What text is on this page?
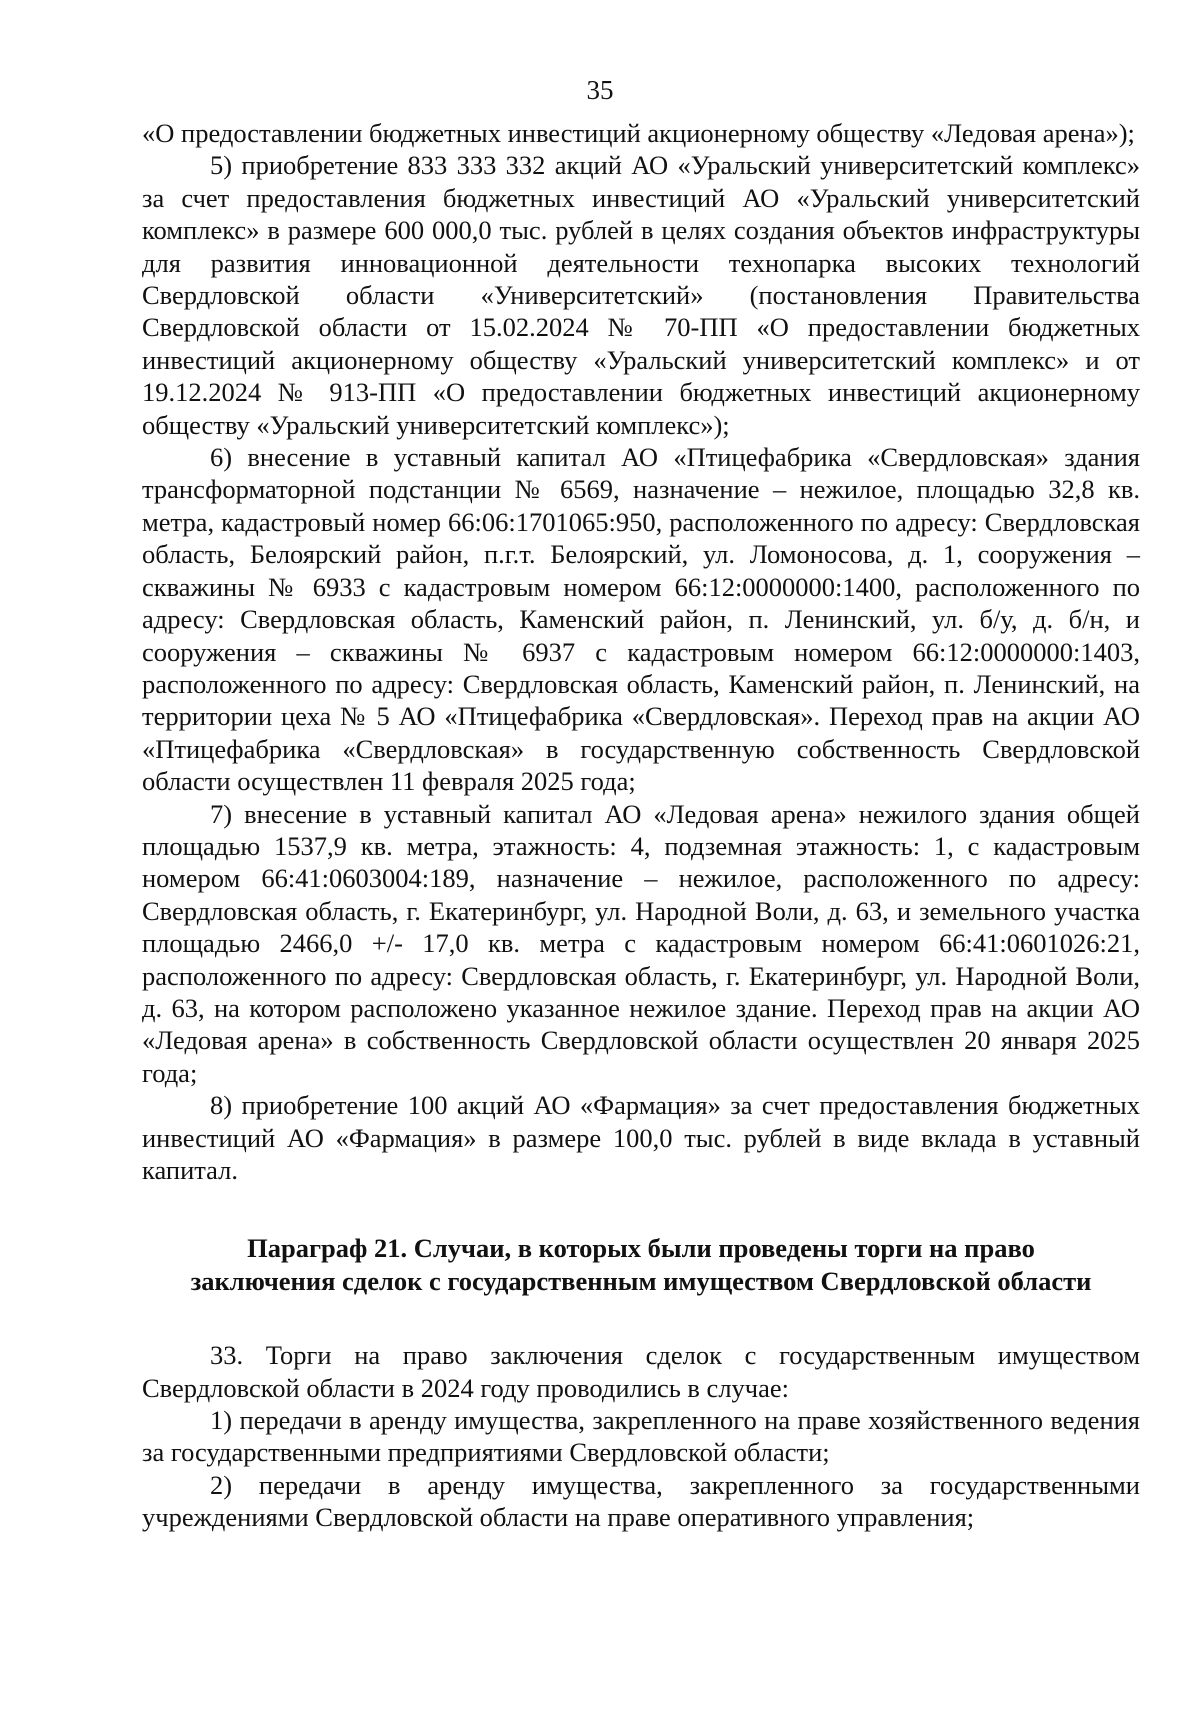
35

«О предоставлении бюджетных инвестиций акционерному обществу «Ледовая арена»);

5) приобретение 833 333 332 акций АО «Уральский университетский комплекс» за счет предоставления бюджетных инвестиций АО «Уральский университетский комплекс» в размере 600 000,0 тыс. рублей в целях создания объектов инфраструктуры для развития инновационной деятельности технопарка высоких технологий Свердловской области «Университетский» (постановления Правительства Свердловской области от 15.02.2024 № 70-ПП «О предоставлении бюджетных инвестиций акционерному обществу «Уральский университетский комплекс» и от 19.12.2024 № 913-ПП «О предоставлении бюджетных инвестиций акционерному обществу «Уральский университетский комплекс»);

6) внесение в уставный капитал АО «Птицефабрика «Свердловская» здания трансформаторной подстанции № 6569, назначение – нежилое, площадью 32,8 кв. метра, кадастровый номер 66:06:1701065:950, расположенного по адресу: Свердловская область, Белоярский район, п.г.т. Белоярский, ул. Ломоносова, д. 1, сооружения – скважины № 6933 с кадастровым номером 66:12:0000000:1400, расположенного по адресу: Свердловская область, Каменский район, п. Ленинский, ул. б/у, д. б/н, и сооружения – скважины № 6937 с кадастровым номером 66:12:0000000:1403, расположенного по адресу: Свердловская область, Каменский район, п. Ленинский, на территории цеха № 5 АО «Птицефабрика «Свердловская». Переход прав на акции АО «Птицефабрика «Свердловская» в государственную собственность Свердловской области осуществлен 11 февраля 2025 года;

7) внесение в уставный капитал АО «Ледовая арена» нежилого здания общей площадью 1537,9 кв. метра, этажность: 4, подземная этажность: 1, с кадастровым номером 66:41:0603004:189, назначение – нежилое, расположенного по адресу: Свердловская область, г. Екатеринбург, ул. Народной Воли, д. 63, и земельного участка площадью 2466,0 +/- 17,0 кв. метра с кадастровым номером 66:41:0601026:21, расположенного по адресу: Свердловская область, г. Екатеринбург, ул. Народной Воли, д. 63, на котором расположено указанное нежилое здание. Переход прав на акции АО «Ледовая арена» в собственность Свердловской области осуществлен 20 января 2025 года;

8) приобретение 100 акций АО «Фармация» за счет предоставления бюджетных инвестиций АО «Фармация» в размере 100,0 тыс. рублей в виде вклада в уставный капитал.

Параграф 21. Случаи, в которых были проведены торги на право
заключения сделок с государственным имуществом Свердловской области

33. Торги на право заключения сделок с государственным имуществом Свердловской области в 2024 году проводились в случае:

1) передачи в аренду имущества, закрепленного на праве хозяйственного ведения за государственными предприятиями Свердловской области;

2) передачи в аренду имущества, закрепленного за государственными учреждениями Свердловской области на праве оперативного управления;
